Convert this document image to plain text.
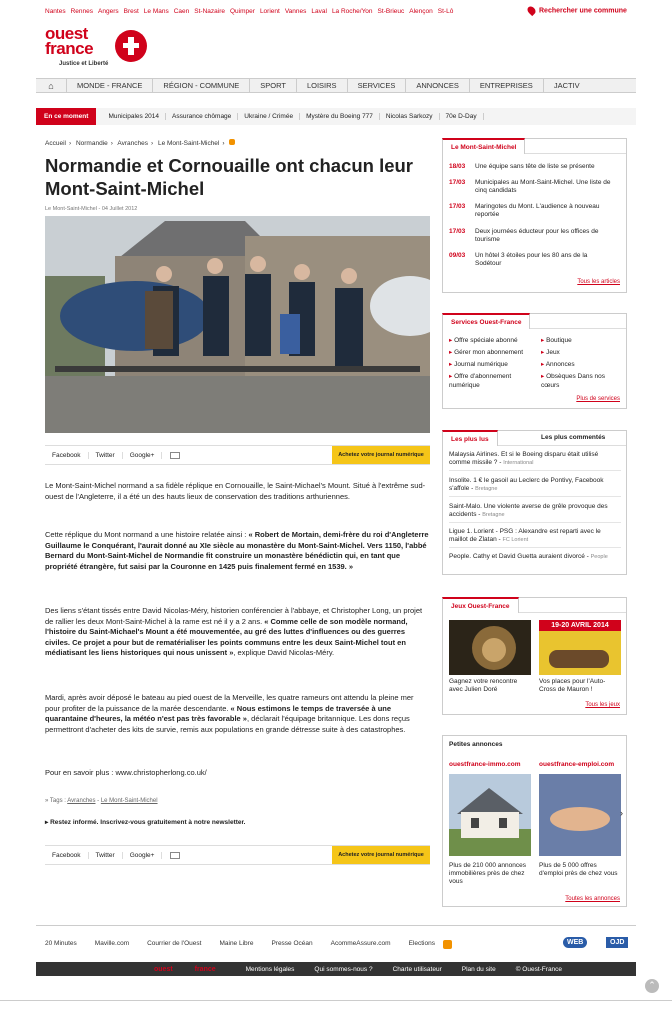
Nantes Rennes Angers Brest Le Mans Caen St-Nazaire Quimper Lorient Vannes Laval La Roche/Yon St-Brieuc Alençon St-Lô	Rechercher une commune
ouest
france
Justice et Liberté
⌂	MONDE - FRANCE	RÉGION - COMMUNE	SPORT	LOISIRS	SERVICES	ANNONCES	ENTREPRISES	JACTIV
En ce moment	Municipales 2014	Assurance chômage	Ukraine / Crimée	Mystère du Boeing 777	Nicolas Sarkozy	70e D-Day
Accueil › Normandie › Avranches › Le Mont-Saint-Michel ›
Normandie et Cornouaille ont chacun leur Mont-Saint-Michel
Le Mont-Saint-Michel - 04 Juillet 2012
Facebook	Twitter	Google+	Achetez votre journal numérique

Le Mont-Saint-Michel normand a sa fidèle réplique en Cornouaille, le Saint-Michael's Mount. Situé à l'extrême sud-ouest de l'Angleterre, il a été un des hauts lieux de conservation des traditions arthuriennes.

Cette réplique du Mont normand a une histoire relatée ainsi : « Robert de Mortain, demi-frère du roi d'Angleterre Guillaume le Conquérant, l'aurait donné au XIe siècle au monastère du Mont-Saint-Michel. Vers 1150, l'abbé Bernard du Mont-Saint-Michel de Normandie fit construire un monastère bénédictin qui, en tant que propriété étrangère, fut saisi par la Couronne en 1425 puis finalement fermé en 1539. »

Des liens s'étant tissés entre David Nicolas-Méry, historien conférencier à l'abbaye, et Christopher Long, un projet de rallier les deux Mont-Saint-Michel à la rame est né il y a 2 ans. « Comme celle de son modèle normand, l'histoire du Saint-Michael's Mount a été mouvementée, au gré des luttes d'influences ou des guerres civiles. Ce projet a pour but de rematérialiser les points communs entre les deux Saint-Michel tout en médiatisant les liens historiques qui nous unissent », explique David Nicolas-Méry.

Mardi, après avoir déposé le bateau au pied ouest de la Merveille, les quatre rameurs ont attendu la pleine mer pour profiter de la puissance de la marée descendante. « Nous estimons le temps de traversée à une quarantaine d'heures, la météo n'est pas très favorable », déclarait l'équipage britannique. Les dons reçus permettront d'acheter des kits de survie, remis aux populations en grande détresse suite à des catastrophes.

Pour en savoir plus : www.christopherlong.co.uk/

» Tags : Avranches - Le Mont-Saint-Michel
▸ Restez informé. Inscrivez-vous gratuitement à notre newsletter.
Facebook	Twitter	Google+	Achetez votre journal numérique
Le Mont-Saint-Michel
18/03 Une équipe sans tête de liste se présente
17/03 Municipales au Mont-Saint-Michel. Une liste de cinq candidats
17/03 Maringotes du Mont. L'audience à nouveau reportée
17/03 Deux journées éducteur pour les offices de tourisme
09/03 Un hôtel 3 étoiles pour les 80 ans de la Sodétour
Tous les articles
Services Ouest-France
▸ Offre spéciale abonné
▸ Gérer mon abonnement
▸ Journal numérique
▸ Offre d'abonnement numérique
▸ Boutique
▸ Jeux
▸ Annonces
▸ Obsèques Dans nos cœurs
Plus de services
Les plus lus	Les plus commentés
Malaysia Airlines. Et si le Boeing disparu était utilisé comme missile ? - International
Insolite. 1 € le gasoil au Leclerc de Pontivy, Facebook s'affole - Bretagne
Saint-Malo. Une violente averse de grêle provoque des accidents - Bretagne
Ligue 1. Lorient - PSG : Alexandre est reparti avec le maillot de Zlatan - FC Lorient
People. Cathy et David Guetta auraient divorcé - People
Jeux Ouest-France
19-20 AVRIL 2014
Gagnez votre rencontre avec Julien Doré
Vos places pour l'Auto-Cross de Mauron !
Tous les jeux
Petites annonces
ouestfrance-immo.com	ouestfrance-emploi.com
›
Plus de 210 000 annonces immobilières près de chez vous
Plus de 5 000 offres d'emploi près de chez vous
Toutes les annonces
20 Minutes	Maville.com	Courrier de l'Ouest	Maine Libre	Presse Océan	AcommeAssure.com	Elections	WEB	OJD
ouest	france	Mentions légales	Qui sommes-nous ?	Charte utilisateur	Plan du site	© Ouest-France
⌃
